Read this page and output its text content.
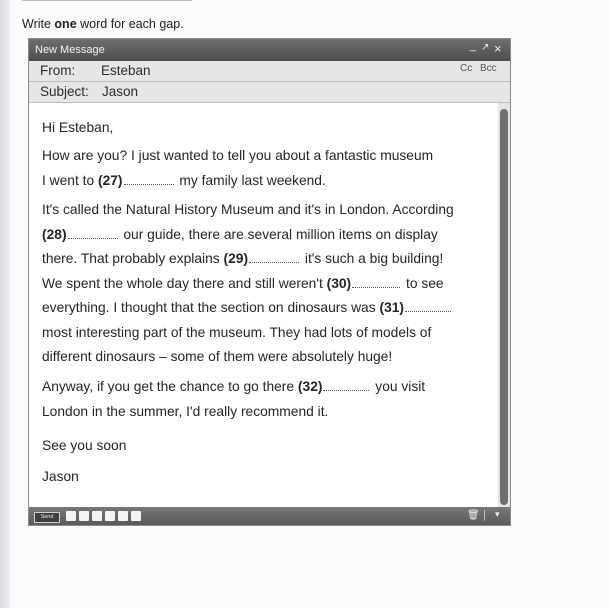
Write one word for each gap.
New Message	_ ↗ ×
From: Esteban	Cc Bcc
Subject: Jason
Hi Esteban,
How are you? I just wanted to tell you about a fantastic museum
I went to (27)	my family last weekend.
It's called the Natural History Museum and it's in London. According
(28)	our guide, there are several million items on display
there. That probably explains (29)	it's such a big building!
We spent the whole day there and still weren't (30)	to see
everything. I thought that the section on dinosaurs was (31)
most interesting part of the museum. They had lots of models of
different dinosaurs – some of them were absolutely huge!
Anyway, if you get the chance to go there (32)	you visit
London in the summer, I'd really recommend it.
See you soon
Jason
Send	🗑 | ▾
